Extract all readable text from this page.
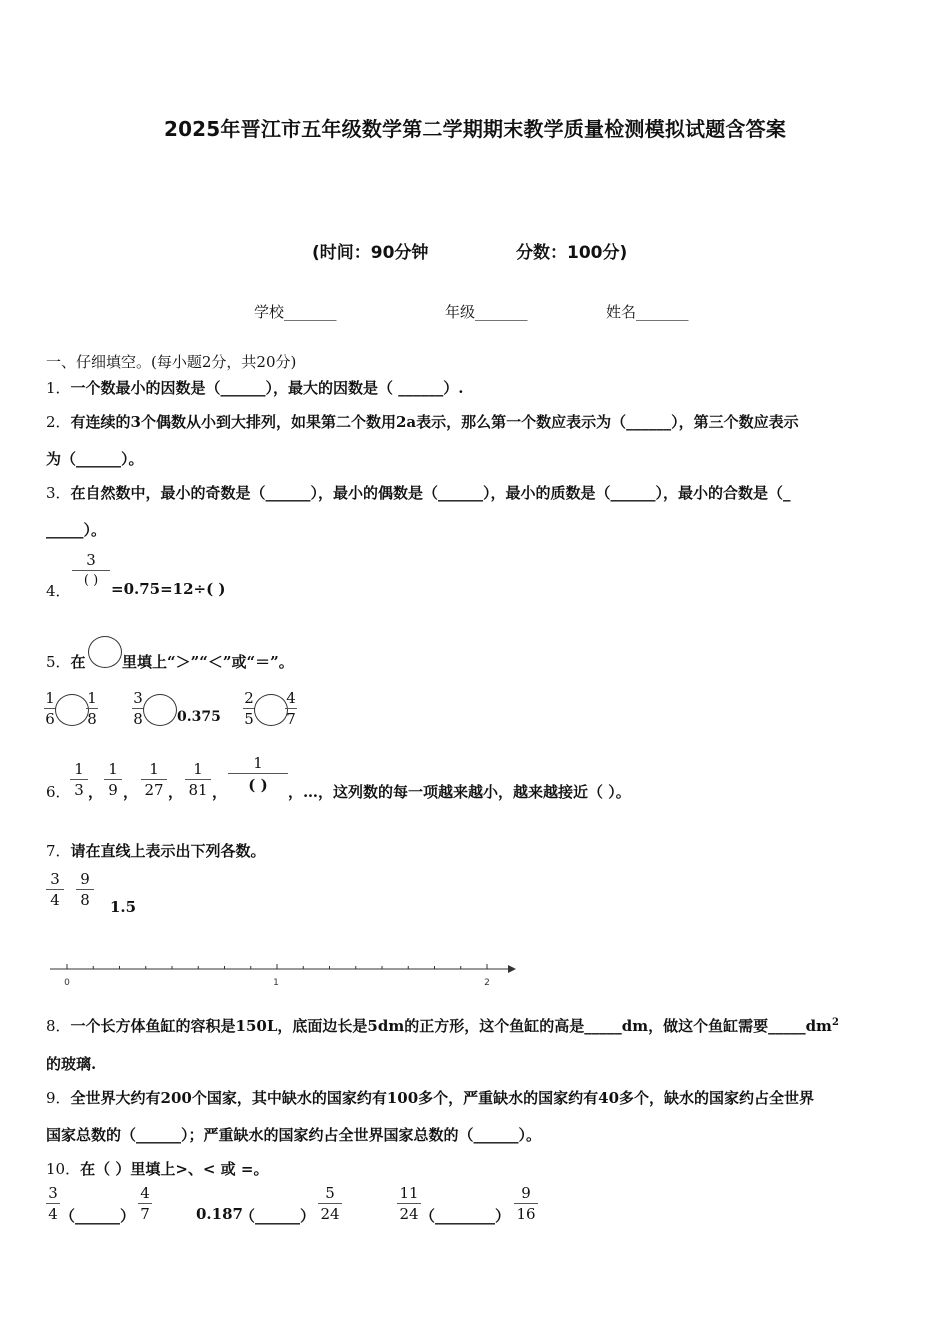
2025年晋江市五年级数学第二学期期末教学质量检测模拟试题含答案
(时间：90分钟	分数：100分)
学校_______	年级_______	姓名_______
一、仔细填空。(每小题2分，共20分)
1．一个数最小的因数是（______），最大的因数是（ ______）.
2．有连续的3个偶数从小到大排列，如果第二个数用2a表示，那么第一个数应表示为（______），第三个数应表示
为（______）。
3．在自然数中，最小的奇数是（______），最小的偶数是（______），最小的质数是（______），最小的合数是（_
_____）。
4．
3
( ) =0.75=12÷( )
5．在 里填上“＞”“＜”或“＝”。
1
6
1
8
3
8 0.375
2
5
4
7
6．
1
3 ，
1
9 ，
1
27 ，
1
81 ，
1
( )	，…，这列数的每一项越来越小，越来越接近（ ）。
7．请在直线上表示出下列各数。
3
4
9
8 1.5
0	1	2
8．一个长方体鱼缸的容积是150L，底面边长是5dm的正方形，这个鱼缸的高是_____dm，做这个鱼缸需要$\_\_\_\_\_dm^2$
的玻璃.
9．全世界大约有200个国家，其中缺水的国家约有100多个，严重缺水的国家约有40多个，缺水的国家约占全世界
国家总数的（______）；严重缺水的国家约占全世界国家总数的（______）。
10．在（ ）里填上>、< 或 =。
3
4 （______）
4
7	0.187
（______）
5
24
11
24 （________）
9
16
